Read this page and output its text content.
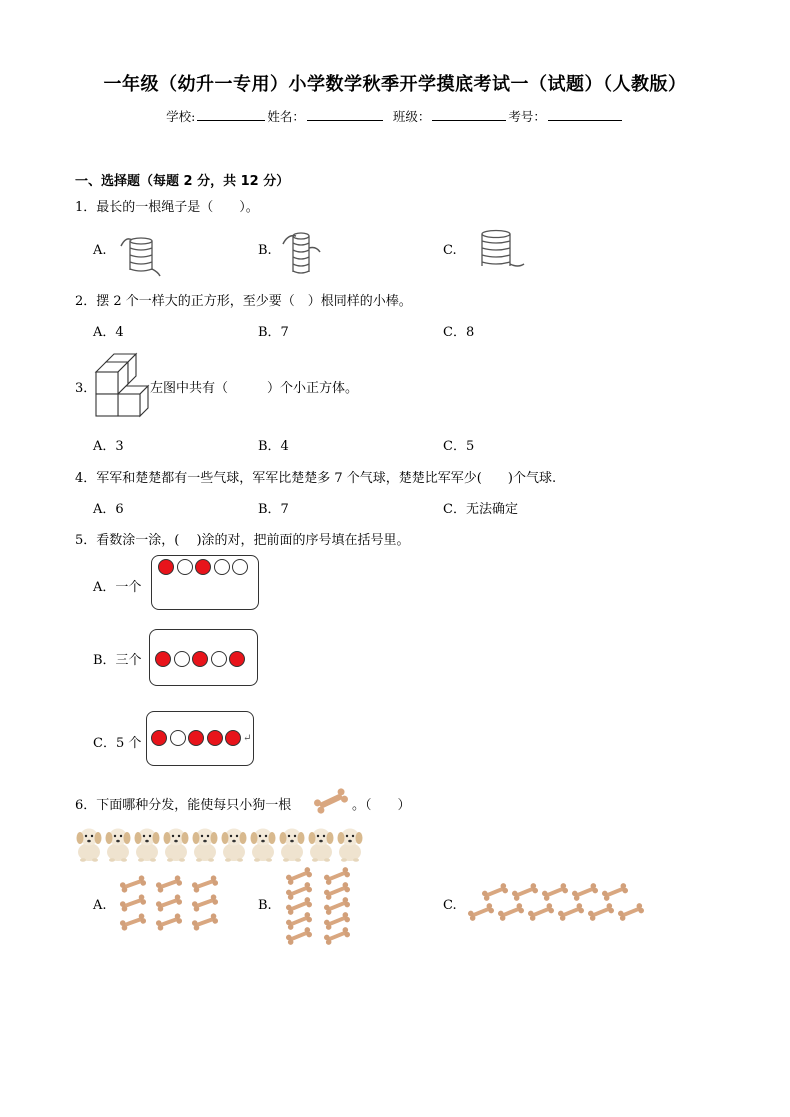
一年级（幼升一专用）小学数学秋季开学摸底考试一（试题）（人教版）
学校:	姓名：	班级：	考号：
一、选择题（每题 2 分，共 12 分）
1．最长的一根绳子是（　　）。
A.	B.	C.
2．摆 2 个一样大的正方形，至少要（　）根同样的小棒。
A．4	B．7	C．8
3．	左图中共有（　　　）个小正方体。
A．3	B．4	C．5
4．军军和楚楚都有一些气球，军军比楚楚多 7 个气球，楚楚比军军少(　　)个气球.
A．6	B．7	C．无法确定
5．看数涂一涂，(　 )涂的对，把前面的序号填在括号里。
A．一个
B．三个
C．5 个	↵
6．下面哪种分发，能使每只小狗一根	。（　　）
A.	B.	C.
